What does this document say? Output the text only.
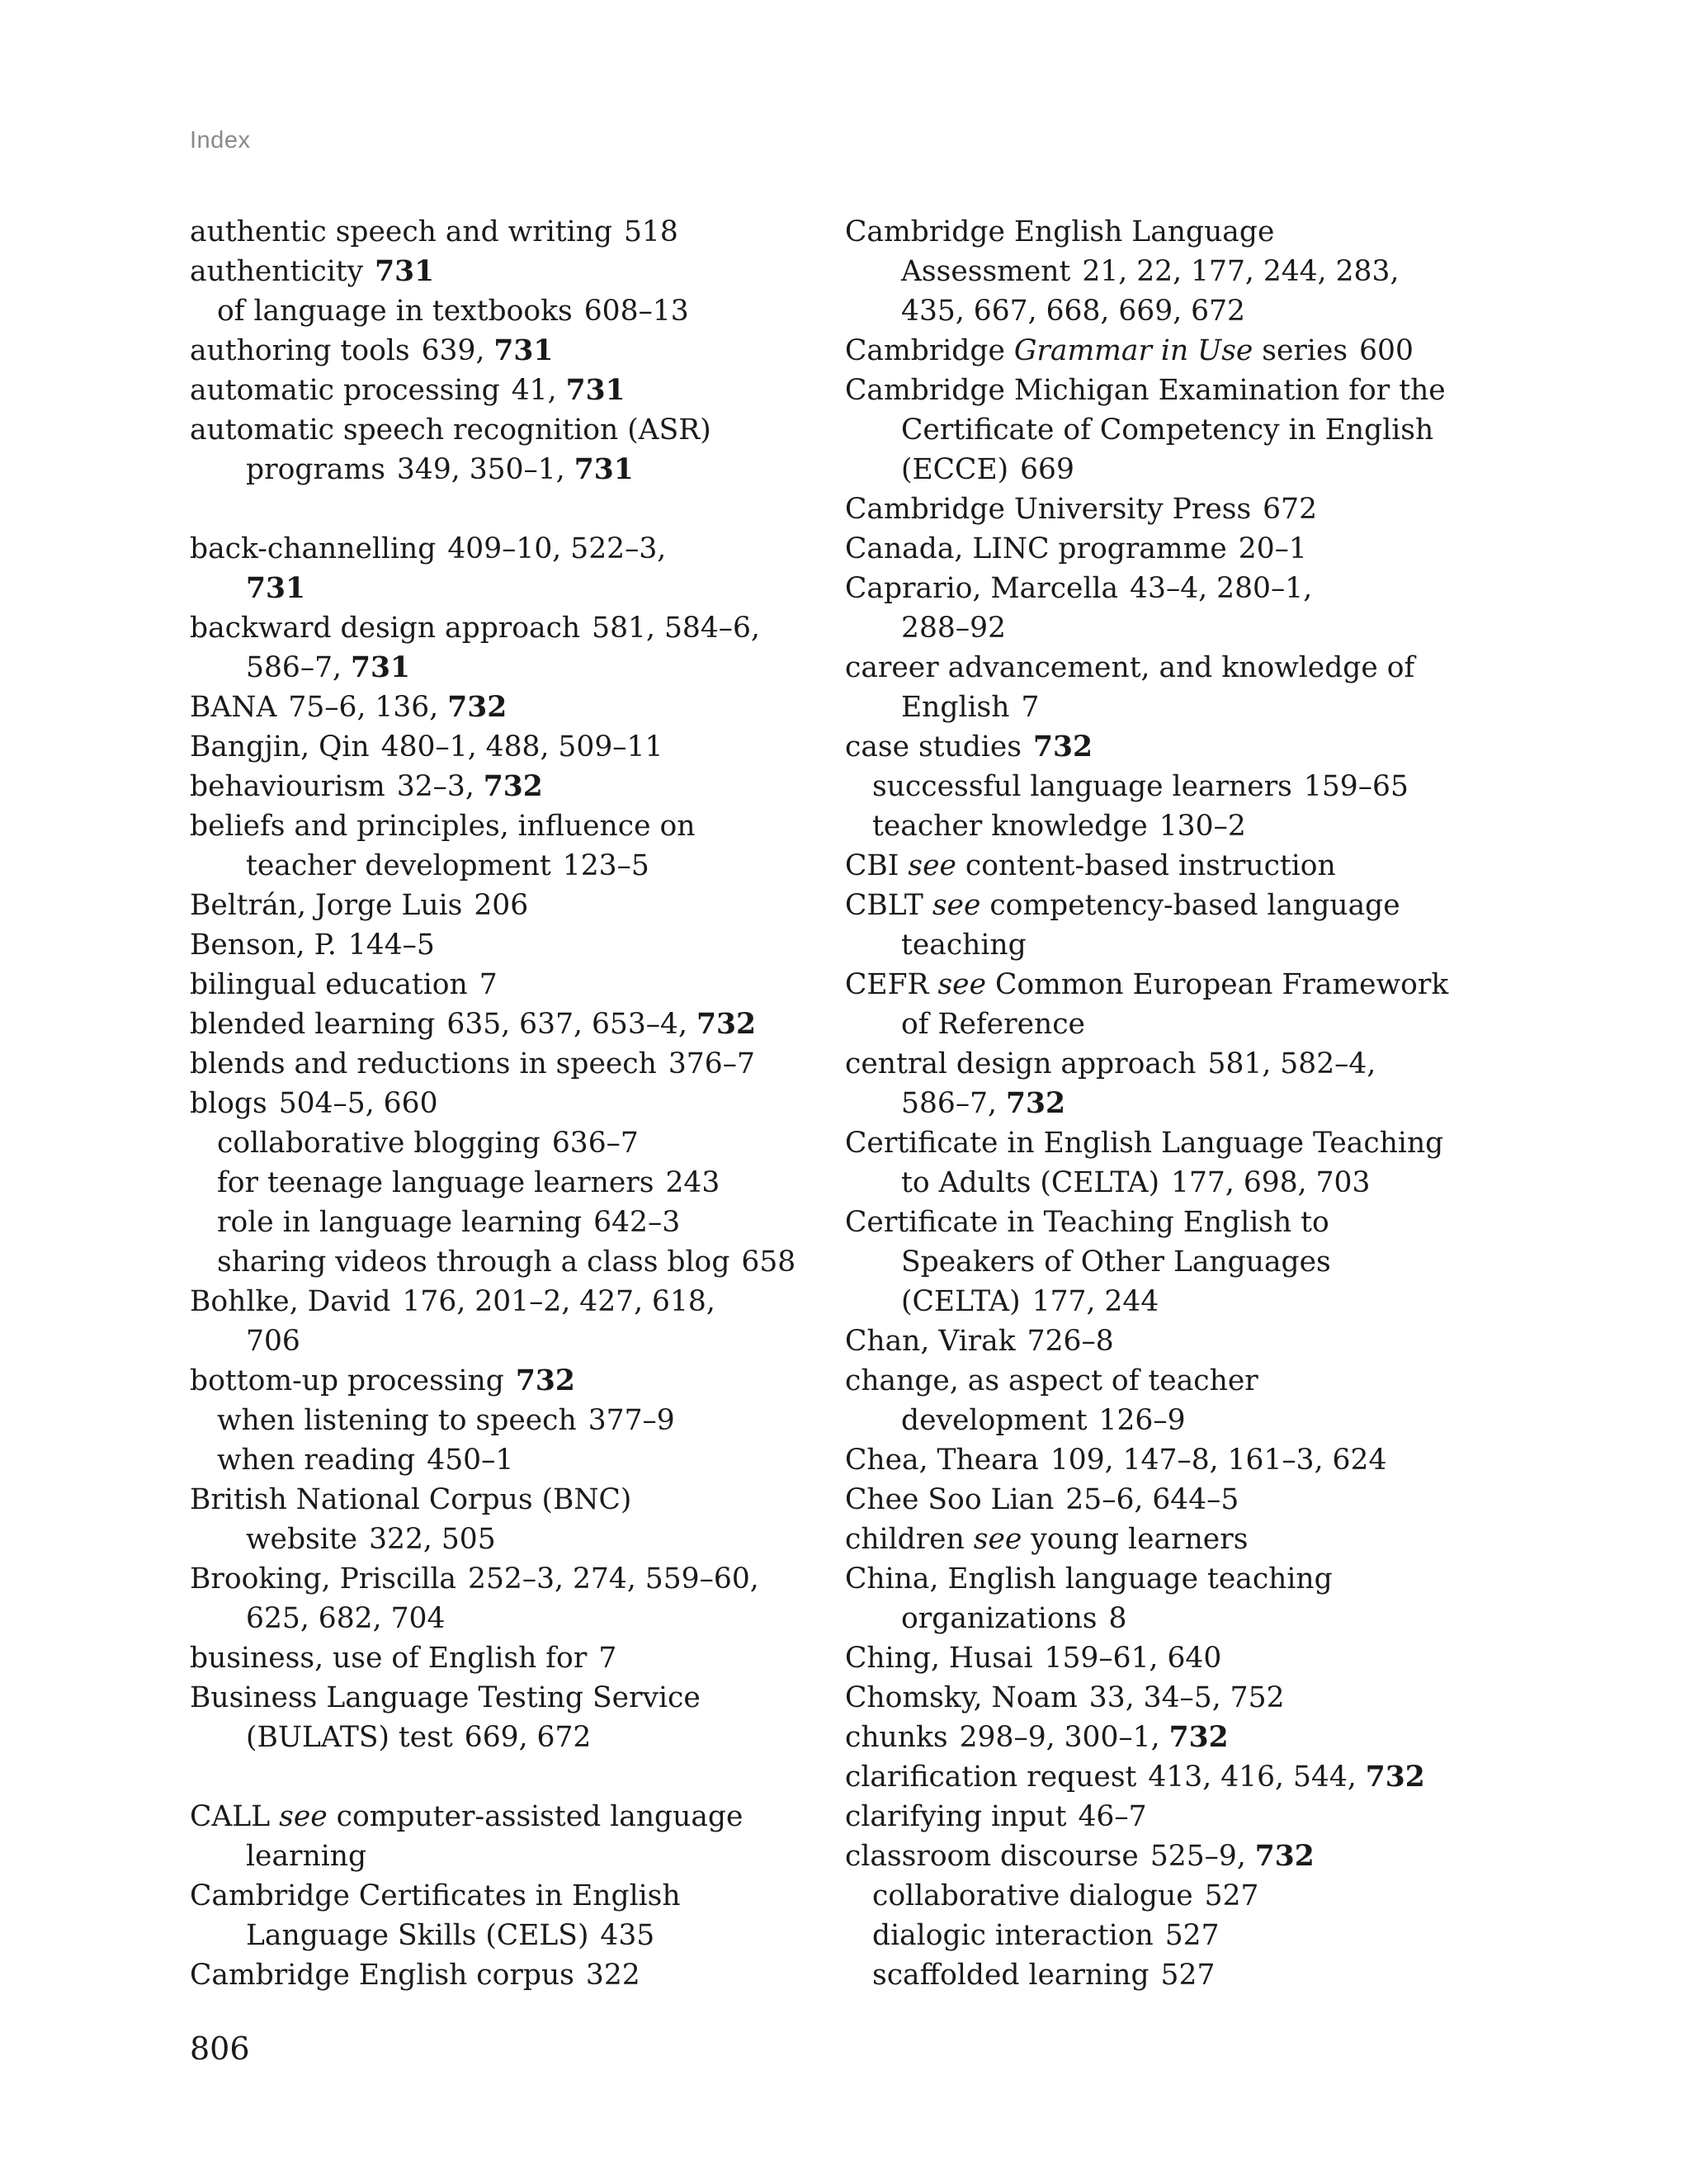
Index
authentic speech and writing 518
authenticity 731
of language in textbooks 608–13
authoring tools 639, 731
automatic processing 41, 731
automatic speech recognition (ASR)
programs 349, 350–1, 731
back-channelling 409–10, 522–3,
731
backward design approach 581, 584–6,
586–7, 731
BANA 75–6, 136, 732
Bangjin, Qin 480–1, 488, 509–11
behaviourism 32–3, 732
beliefs and principles, influence on
teacher development 123–5
Beltrán, Jorge Luis 206
Benson, P. 144–5
bilingual education 7
blended learning 635, 637, 653–4, 732
blends and reductions in speech 376–7
blogs 504–5, 660
collaborative blogging 636–7
for teenage language learners 243
role in language learning 642–3
sharing videos through a class blog 658
Bohlke, David 176, 201–2, 427, 618,
706
bottom-up processing 732
when listening to speech 377–9
when reading 450–1
British National Corpus (BNC)
website 322, 505
Brooking, Priscilla 252–3, 274, 559–60,
625, 682, 704
business, use of English for 7
Business Language Testing Service
(BULATS) test 669, 672
CALL see computer-assisted language
learning
Cambridge Certificates in English
Language Skills (CELS) 435
Cambridge English corpus 322
Cambridge English Language
Assessment 21, 22, 177, 244, 283,
435, 667, 668, 669, 672
Cambridge Grammar in Use series 600
Cambridge Michigan Examination for the
Certificate of Competency in English
(ECCE) 669
Cambridge University Press 672
Canada, LINC programme 20–1
Caprario, Marcella 43–4, 280–1,
288–92
career advancement, and knowledge of
English 7
case studies 732
successful language learners 159–65
teacher knowledge 130–2
CBI see content-based instruction
CBLT see competency-based language
teaching
CEFR see Common European Framework
of Reference
central design approach 581, 582–4,
586–7, 732
Certificate in English Language Teaching
to Adults (CELTA) 177, 698, 703
Certificate in Teaching English to
Speakers of Other Languages
(CELTA) 177, 244
Chan, Virak 726–8
change, as aspect of teacher
development 126–9
Chea, Theara 109, 147–8, 161–3, 624
Chee Soo Lian 25–6, 644–5
children see young learners
China, English language teaching
organizations 8
Ching, Husai 159–61, 640
Chomsky, Noam 33, 34–5, 752
chunks 298–9, 300–1, 732
clarification request 413, 416, 544, 732
clarifying input 46–7
classroom discourse 525–9, 732
collaborative dialogue 527
dialogic interaction 527
scaffolded learning 527
806
